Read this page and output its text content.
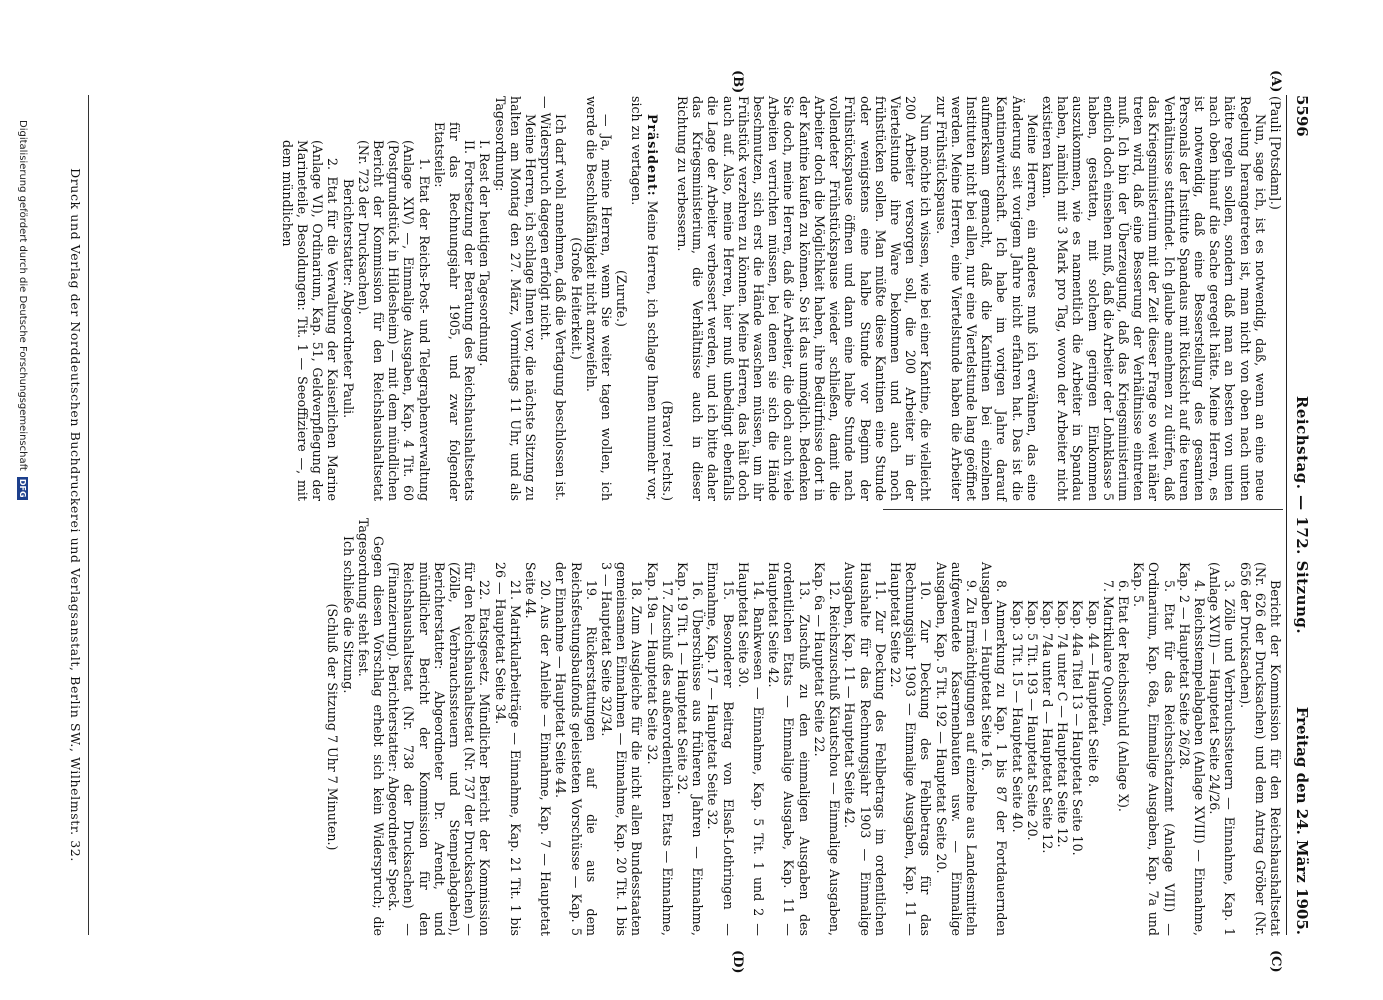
5596
Reichstag. — 172. Sitzung.
Freitag den 24. März 1905.
(A)
(B)
(C)
(D)

(Pauli [Potsdam].)

Nun, sage ich, ist es notwendig, daß, wenn an eine neue Regelung herangetreten ist, man nicht von oben nach unten hätte regeln sollen, sondern daß man an besten von unten nach oben hinauf die Sache geregelt hätte. Meine Herren, es ist notwendig, daß eine Besserstellung des gesamten Personals der Institute Spandaus mit Rücksicht auf die teuren Verhältnisse stattfindet. Ich glaube annehmen zu dürfen, daß das Kriegsministerium mit der Zeit dieser Frage so weit näher treten wird, daß eine Besserung der Verhältnisse eintreten muß. Ich bin der Überzeugung, daß das Kriegsministerium endlich doch einsehen muß, daß die Arbeiter der Lohnklasse 5 haben, gestatten, mit solchem geringen Einkommen auszukommen, wie es namentlich die Arbeiter in Spandau haben, nämlich mit 3 Mark pro Tag, wovon der Arbeiter nicht existieren kann.

Meine Herren, ein anderes muß ich erwähnen, das eine Änderung seit vorigem Jahre nicht erfahren hat. Das ist die Kantinenwirtschaft. Ich habe im vorigen Jahre darauf aufmerksam gemacht, daß die Kantinen bei einzelnen Instituten nicht bei allen, nur eine Viertelstunde lang geöffnet werden. Meine Herren, eine Viertelstunde haben die Arbeiter zur Frühstückspause.

Nun möchte ich wissen, wie bei einer Kantine, die vielleicht 200 Arbeiter versorgen soll, die 200 Arbeiter in der Viertelstunde ihre Ware bekommen und auch noch frühstücken sollen. Man müßte diese Kantinen eine Stunde oder wenigstens eine halbe Stunde vor Beginn der Frühstückspause öffnen und dann eine halbe Stunde nach vollendeter Frühstückspause wieder schließen, damit die Arbeiter doch die Möglichkeit haben, ihre Bedürfnisse dort in der Kantine kaufen zu können. So ist das unmöglich. Bedenken Sie doch, meine Herren, daß die Arbeiter, die doch auch viele Arbeiten verrichten müssen, bei denen sie sich die Hände beschmutzen, sich erst die Hände waschen müssen, um ihr Frühstück verzehren zu können. Meine Herren, das hält doch auch auf. Also, meine Herren, hier muß unbedingt ebenfalls die Lage der Arbeiter verbessert werden, und ich bitte daher das Kriegsministerium, die Verhältnisse auch in dieser Richtung zu verbessern.

(Bravo! rechts.)

Präsident: Meine Herren, ich schlage Ihnen nunmehr vor, sich zu vertagen.

(Zurufe.)

— Ja, meine Herren, wenn Sie weiter tagen wollen, ich werde die Beschlußfähigkeit nicht anzweifeln.

(Große Heiterkeit.)

Ich darf wohl annehmen, daß die Vertagung beschlossen ist. — Widerspruch dagegen erfolgt nicht.

Meine Herren, ich schlage Ihnen vor, die nächste Sitzung zu halten am Montag den 27. März, Vormittags 11 Uhr, und als Tagesordnung:

I. Rest der heutigen Tagesordnung.

II. Fortsetzung der Beratung des Reichshaushaltsetats für das Rechnungsjahr 1905, und zwar folgender Etatsteile:

1. Etat der Reichs-Post- und Telegraphenverwaltung (Anlage XIV) —, Einmalige Ausgaben, Kap. 4 Tit. 60 (Postgrundstück in Hildesheim) — mit dem mündlichen Bericht der Kommission für den Reichshaushaltsetat (Nr. 723 der Drucksachen).

Berichterstatter: Abgeordneter Pauli.

2. Etat für die Verwaltung der Kaiserlichen Marine (Anlage VI), Ordinarium, Kap. 51, Geldverpflegung der Marineteile, Besoldungen: Tit. 1 — Seeoffiziere —, mit dem mündlichen

Bericht der Kommission für den Reichshaushaltsetat (Nr. 626 der Drucksachen) und dem Antrag Gröber (Nr. 656 der Drucksachen).

3. Zölle und Verbrauchssteuern — Einnahme, Kap. 1 (Anlage XVII) — Hauptetat Seite 24/26.

4. Reichsstempelabgaben (Anlage XVIII) — Einnahme, Kap. 2 — Hauptetat Seite 26/28.

5. Etat für das Reichsschatzamt (Anlage VIII) — Ordinarium, Kap. 68a, Einmalige Ausgaben, Kap. 7a und Kap. 5.

6. Etat der Reichsschuld (Anlage X).

7. Matrikulare Quoten,

Kap. 44 — Hauptetat Seite 8.

Kap. 44a Titel 13 — Hauptetat Seite 10.

Kap. 74 unter C — Hauptetat Seite 12.

Kap. 74a unter d — Hauptetat Seite 12.

Kap. 5 Tit. 193 — Hauptetat Seite 20.

Kap. 3 Tit. 15 — Hauptetat Seite 40.

8. Anmerkung zu Kap. 1 bis 87 der Fortdauernden Ausgaben — Hauptetat Seite 16.

9. Zu Ermächtigungen auf einzelne aus Landesmitteln aufgewendete Kasernenbauten usw. — Einmalige Ausgaben, Kap. 5 Tit. 192 — Hauptetat Seite 20.

10. Zur Deckung des Fehlbetrags für das Rechnungsjahr 1903 — Einmalige Ausgaben, Kap. 11 — Hauptetat Seite 22.

11. Zur Deckung des Fehlbetrags im ordentlichen Haushalte für das Rechnungsjahr 1903 — Einmalige Ausgaben, Kap. 11 — Hauptetat Seite 42.

12. Reichszuschuß Kiautschou — Einmalige Ausgaben, Kap. 6a — Hauptetat Seite 22.

13. Zuschuß zu den einmaligen Ausgaben des ordentlichen Etats — Einmalige Ausgabe, Kap. 11 — Hauptetat Seite 42.

14. Bankwesen — Einnahme, Kap. 5 Tit. 1 und 2 — Hauptetat Seite 30.

15. Besonderer Beitrag von Elsaß-Lothringen — Einnahme, Kap. 17 — Hauptetat Seite 32.

16. Überschüsse aus früheren Jahren — Einnahme, Kap. 19 Tit. 1 — Hauptetat Seite 32.

17. Zuschuß des außerordentlichen Etats — Einnahme, Kap. 19a — Hauptetat Seite 32.

18. Zum Ausgleiche für die nicht allen Bundesstaaten gemeinsamen Einnahmen — Einnahme, Kap. 20 Tit. 1 bis 3 — Hauptetat Seite 32/34.

19. Rückerstattungen auf die aus dem Reichsfestungsbaufonds geleisteten Vorschüsse — Kap. 5 der Einnahme — Hauptetat Seite 44.

20. Aus der Anleihe — Einnahme, Kap. 7 — Hauptetat Seite 44.

21. Matrikularbeiträge — Einnahme, Kap. 21 Tit. 1 bis 26 — Hauptetat Seite 34.

22. Etatsgesetz. Mündlicher Bericht der Kommission für den Reichshaushaltsetat (Nr. 737 der Drucksachen) — (Zölle, Verbrauchssteuern und Stempelabgaben), Berichterstatter: Abgeordneter Dr. Arendt, und mündlicher Bericht der Kommission für den Reichshaushaltsetat (Nr. 738 der Drucksachen) — (Finanzierung). Berichterstatter: Abgeordneter Speck.

Gegen diesen Vorschlag erhebt sich kein Widerspruch; die Tagesordnung steht fest.

Ich schließe die Sitzung.

(Schluß der Sitzung 7 Uhr 7 Minuten.)

Druck und Verlag der Norddeutschen Buchdruckerei und Verlagsanstalt, Berlin SW., Wilhelmstr. 32.
Digitalisierung gefördert durch die Deutsche ForschungsgemeinschaftDFG
